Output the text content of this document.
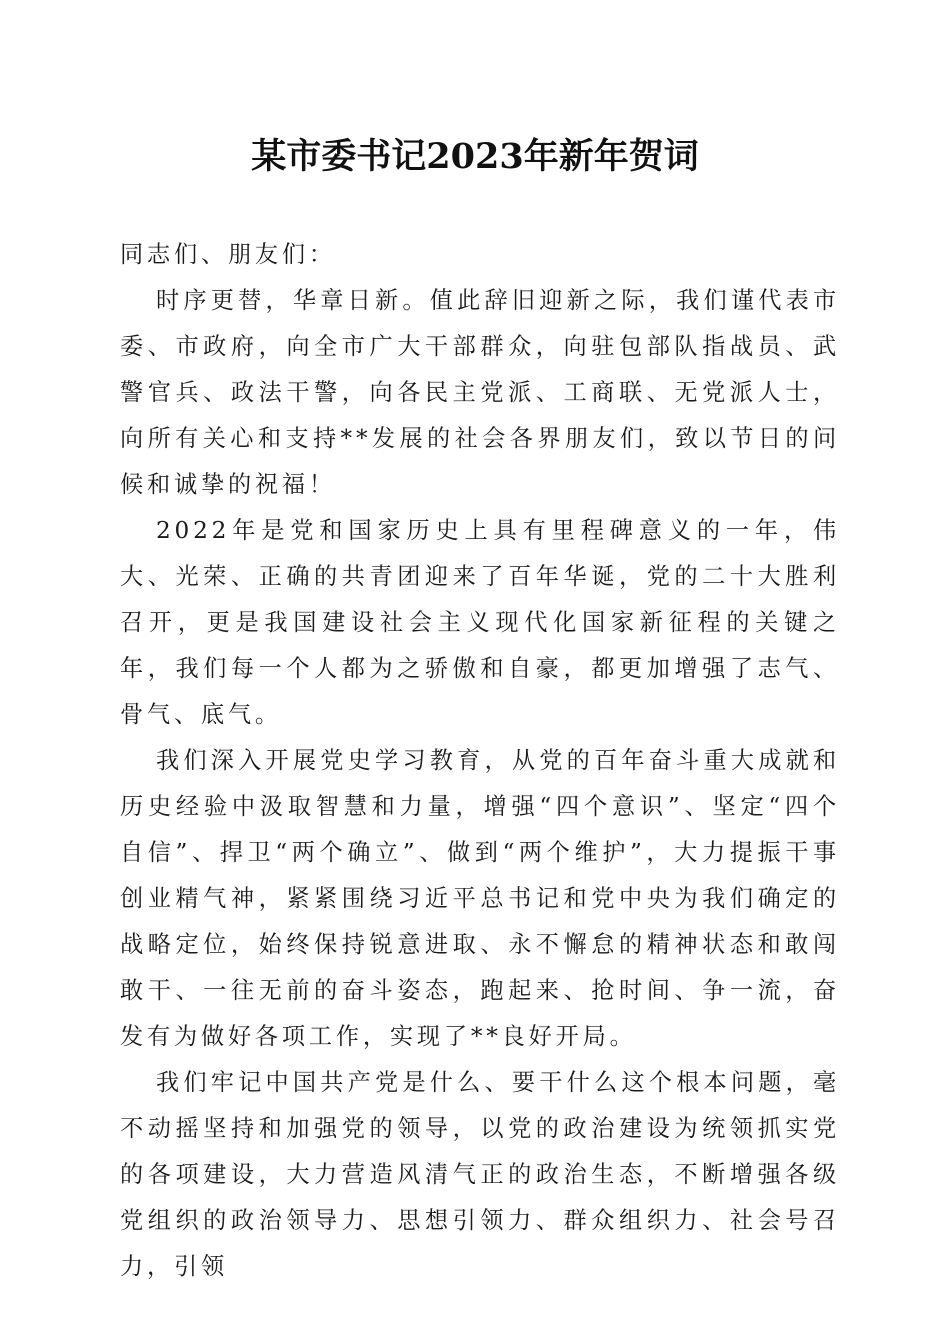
某市委书记2023年新年贺词

同志们、朋友们：

时序更替，华章日新。值此辞旧迎新之际，我们谨代表市委、市政府，向全市广大干部群众，向驻包部队指战员、武警官兵、政法干警，向各民主党派、工商联、无党派人士，向所有关心和支持**发展的社会各界朋友们，致以节日的问候和诚挚的祝福！

2022年是党和国家历史上具有里程碑意义的一年，伟大、光荣、正确的共青团迎来了百年华诞，党的二十大胜利召开，更是我国建设社会主义现代化国家新征程的关键之年，我们每一个人都为之骄傲和自豪，都更加增强了志气、骨气、底气。

我们深入开展党史学习教育，从党的百年奋斗重大成就和历史经验中汲取智慧和力量，增强“四个意识”、坚定“四个自信”、捍卫“两个确立”、做到“两个维护”，大力提振干事创业精气神，紧紧围绕习近平总书记和党中央为我们确定的战略定位，始终保持锐意进取、永不懈怠的精神状态和敢闯敢干、一往无前的奋斗姿态，跑起来、抢时间、争一流，奋发有为做好各项工作，实现了**良好开局。

我们牢记中国共产党是什么、要干什么这个根本问题，毫不动摇坚持和加强党的领导，以党的政治建设为统领抓实党的各项建设，大力营造风清气正的政治生态，不断增强各级党组织的政治领导力、思想引领力、群众组织力、社会号召力，引领
